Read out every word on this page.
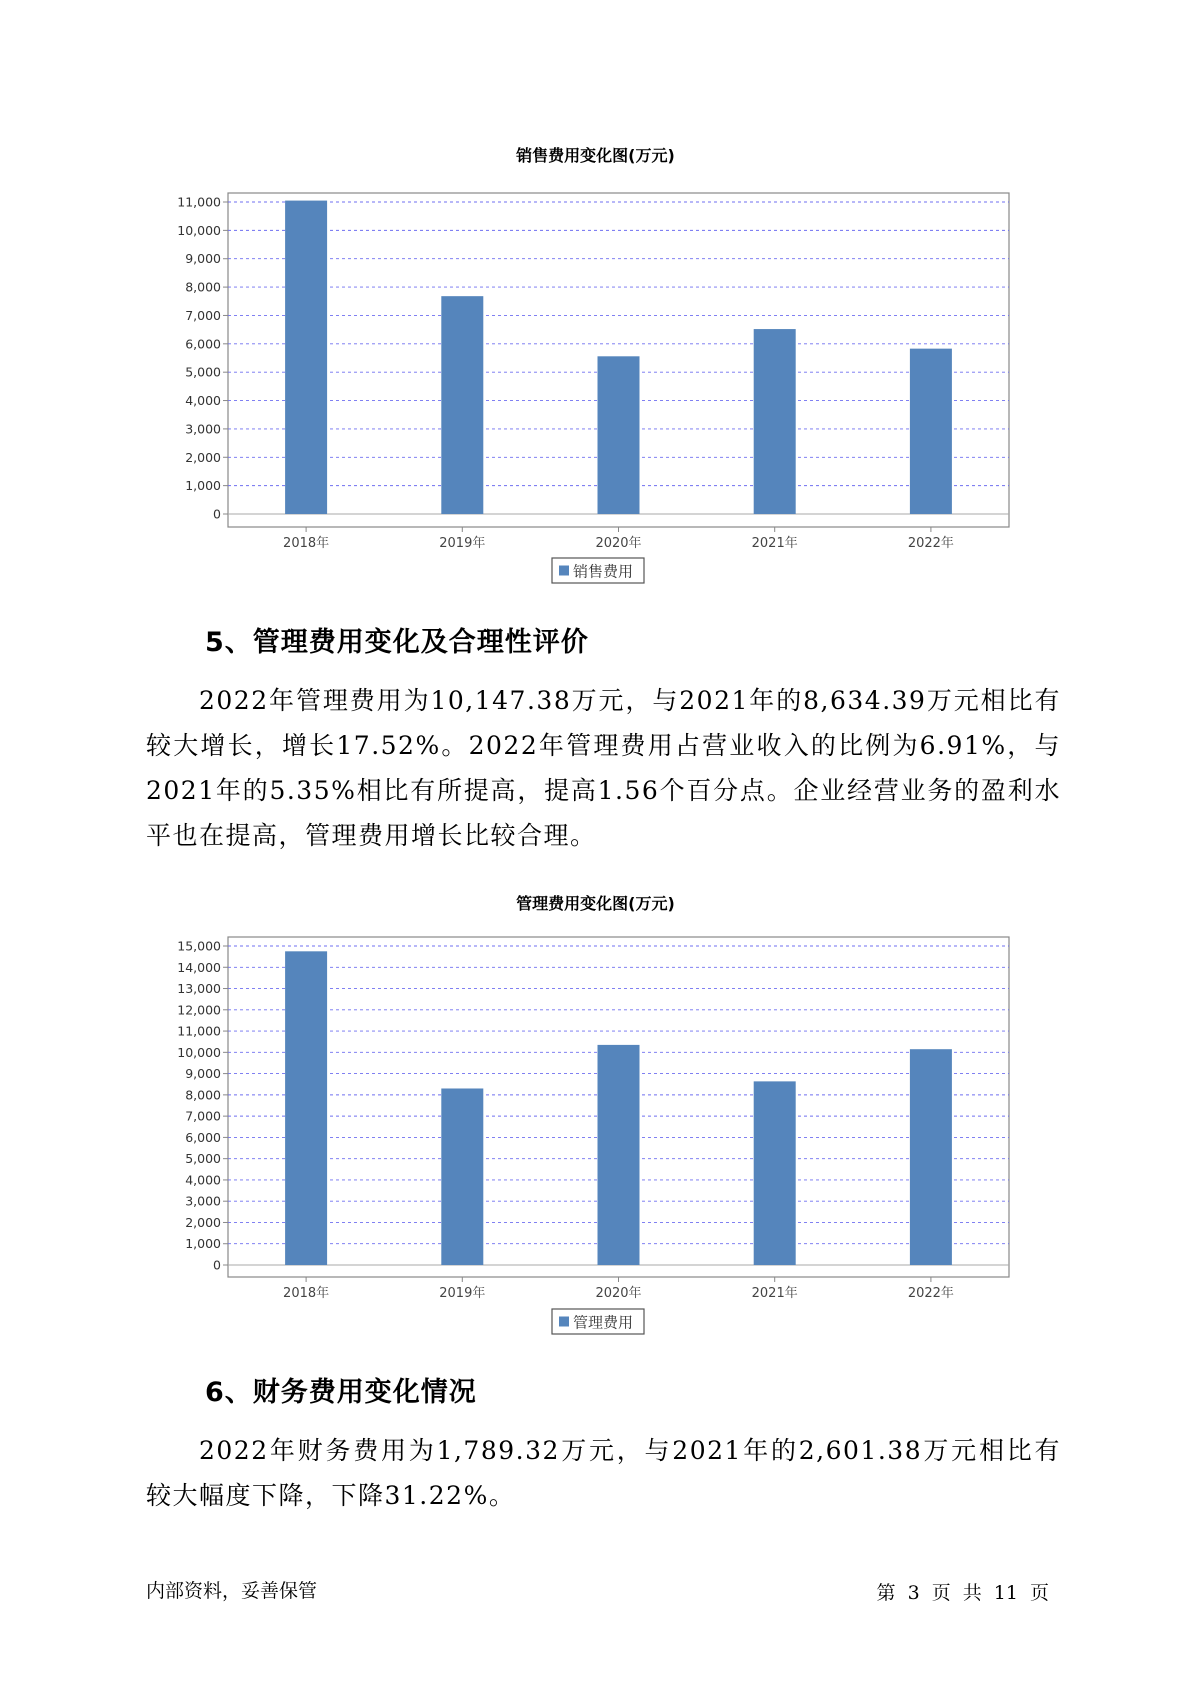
销售费用变化图(万元)
0
1,000
2,000
3,000
4,000
5,000
6,000
7,000
8,000
9,000
10,000
11,000
2018年	2019年	2020年	2021年	2022年
销售费用
5、管理费用变化及合理性评价
2022年管理费用为10,147.38万元，与2021年的8,634.39万元相比有较大增长，增长17.52%。2022年管理费用占营业收入的比例为6.91%，与2021年的5.35%相比有所提高，提高1.56个百分点。企业经营业务的盈利水平也在提高，管理费用增长比较合理。
管理费用变化图(万元)
0
1,000
2,000
3,000
4,000
5,000
6,000
7,000
8,000
9,000
10,000
11,000
12,000
13,000
14,000
15,000
2018年	2019年	2020年	2021年	2022年
管理费用
6、财务费用变化情况
2022年财务费用为1,789.32万元，与2021年的2,601.38万元相比有较大幅度下降，下降31.22%。
内部资料，妥善保管	第 3 页 共 11 页
